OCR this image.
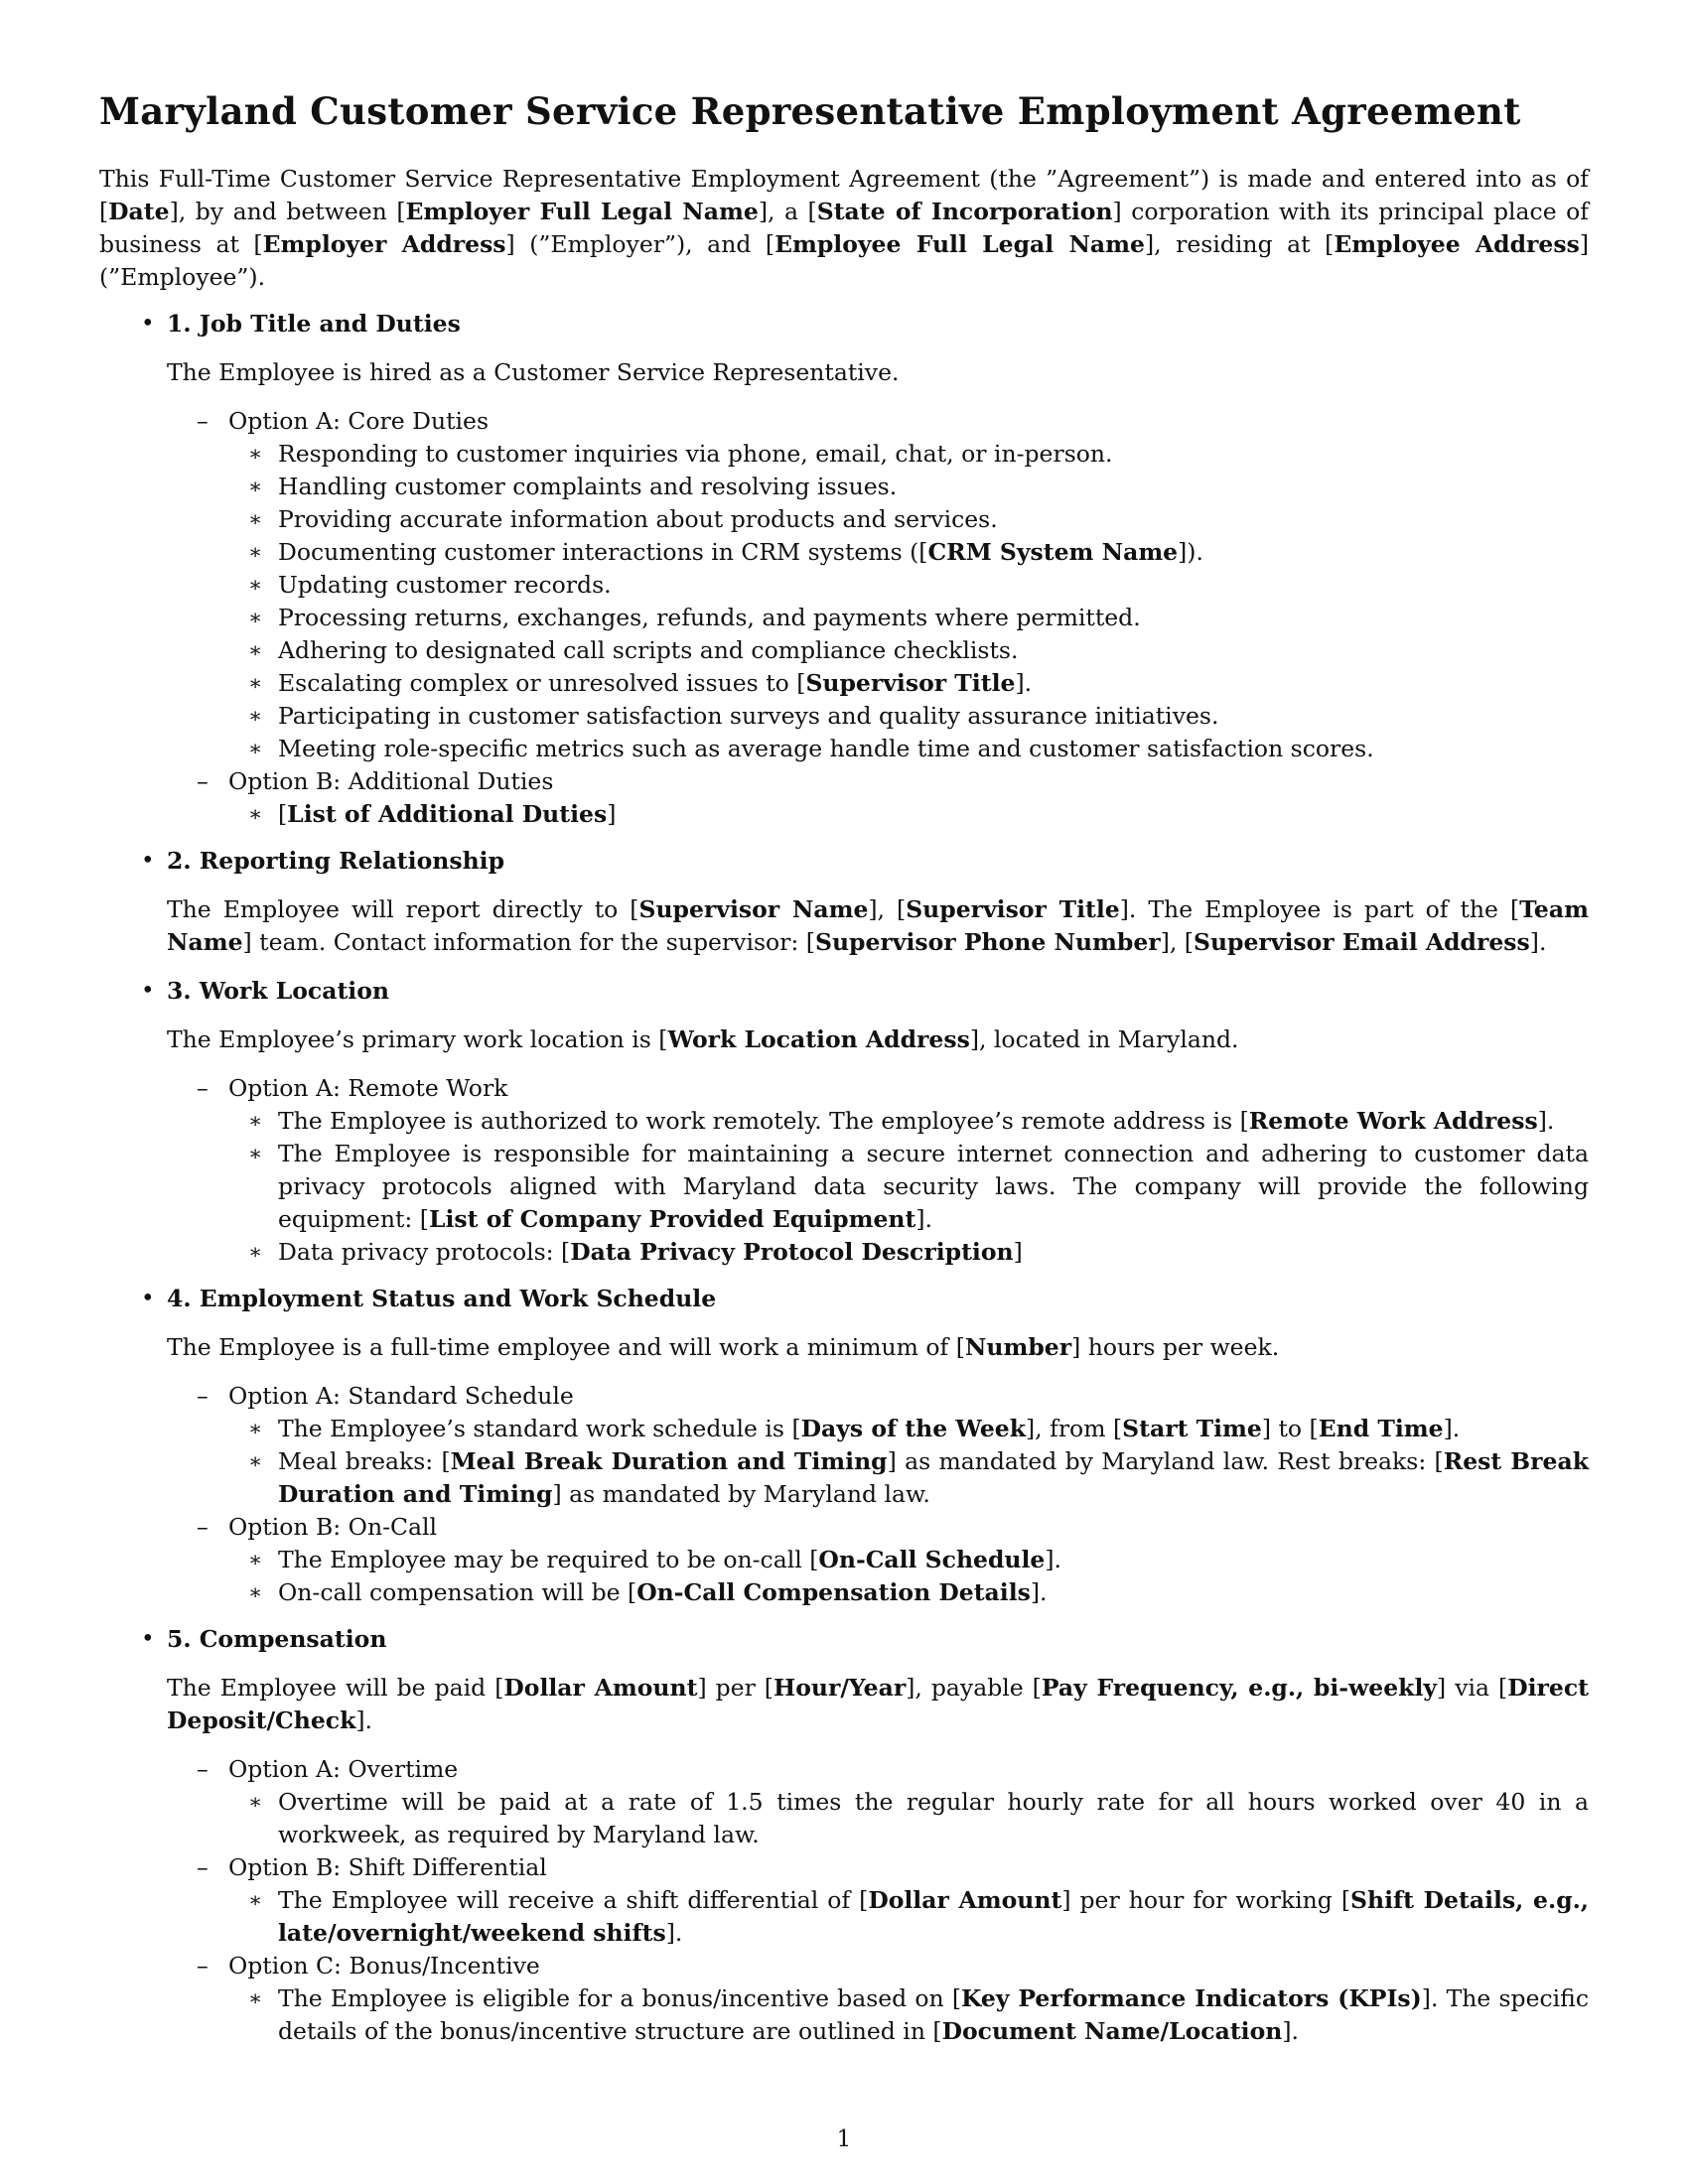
Maryland Customer Service Representative Employment Agreement

This Full-Time Customer Service Representative Employment Agreement (the ”Agreement”) is made and entered into as of [Date], by and between [Employer Full Legal Name], a [State of Incorporation] corporation with its principal place of business at [Employer Address] (”Employer”), and [Employee Full Legal Name], residing at [Employee Address] (”Employee”).

• 1. Job Title and Duties
The Employee is hired as a Customer Service Representative.
– Option A: Core Duties
∗ Responding to customer inquiries via phone, email, chat, or in-person.
∗ Handling customer complaints and resolving issues.
∗ Providing accurate information about products and services.
∗ Documenting customer interactions in CRM systems ([CRM System Name]).
∗ Updating customer records.
∗ Processing returns, exchanges, refunds, and payments where permitted.
∗ Adhering to designated call scripts and compliance checklists.
∗ Escalating complex or unresolved issues to [Supervisor Title].
∗ Participating in customer satisfaction surveys and quality assurance initiatives.
∗ Meeting role-specific metrics such as average handle time and customer satisfaction scores.
– Option B: Additional Duties
∗ [List of Additional Duties]
• 2. Reporting Relationship
The Employee will report directly to [Supervisor Name], [Supervisor Title]. The Employee is part of the [Team Name] team. Contact information for the supervisor: [Supervisor Phone Number], [Supervisor Email Address].
• 3. Work Location
The Employee’s primary work location is [Work Location Address], located in Maryland.
– Option A: Remote Work
∗ The Employee is authorized to work remotely. The employee’s remote address is [Remote Work Address].
∗ The Employee is responsible for maintaining a secure internet connection and adhering to customer data privacy protocols aligned with Maryland data security laws. The company will provide the following equipment: [List of Company Provided Equipment].
∗ Data privacy protocols: [Data Privacy Protocol Description]
• 4. Employment Status and Work Schedule
The Employee is a full-time employee and will work a minimum of [Number] hours per week.
– Option A: Standard Schedule
∗ The Employee’s standard work schedule is [Days of the Week], from [Start Time] to [End Time].
∗ Meal breaks: [Meal Break Duration and Timing] as mandated by Maryland law. Rest breaks: [Rest Break Duration and Timing] as mandated by Maryland law.
– Option B: On-Call
∗ The Employee may be required to be on-call [On-Call Schedule].
∗ On-call compensation will be [On-Call Compensation Details].
• 5. Compensation
The Employee will be paid [Dollar Amount] per [Hour/Year], payable [Pay Frequency, e.g., bi-weekly] via [Direct Deposit/Check].
– Option A: Overtime
∗ Overtime will be paid at a rate of 1.5 times the regular hourly rate for all hours worked over 40 in a workweek, as required by Maryland law.
– Option B: Shift Differential
∗ The Employee will receive a shift differential of [Dollar Amount] per hour for working [Shift Details, e.g., late/overnight/weekend shifts].
– Option C: Bonus/Incentive
∗ The Employee is eligible for a bonus/incentive based on [Key Performance Indicators (KPIs)]. The specific details of the bonus/incentive structure are outlined in [Document Name/Location].
1
